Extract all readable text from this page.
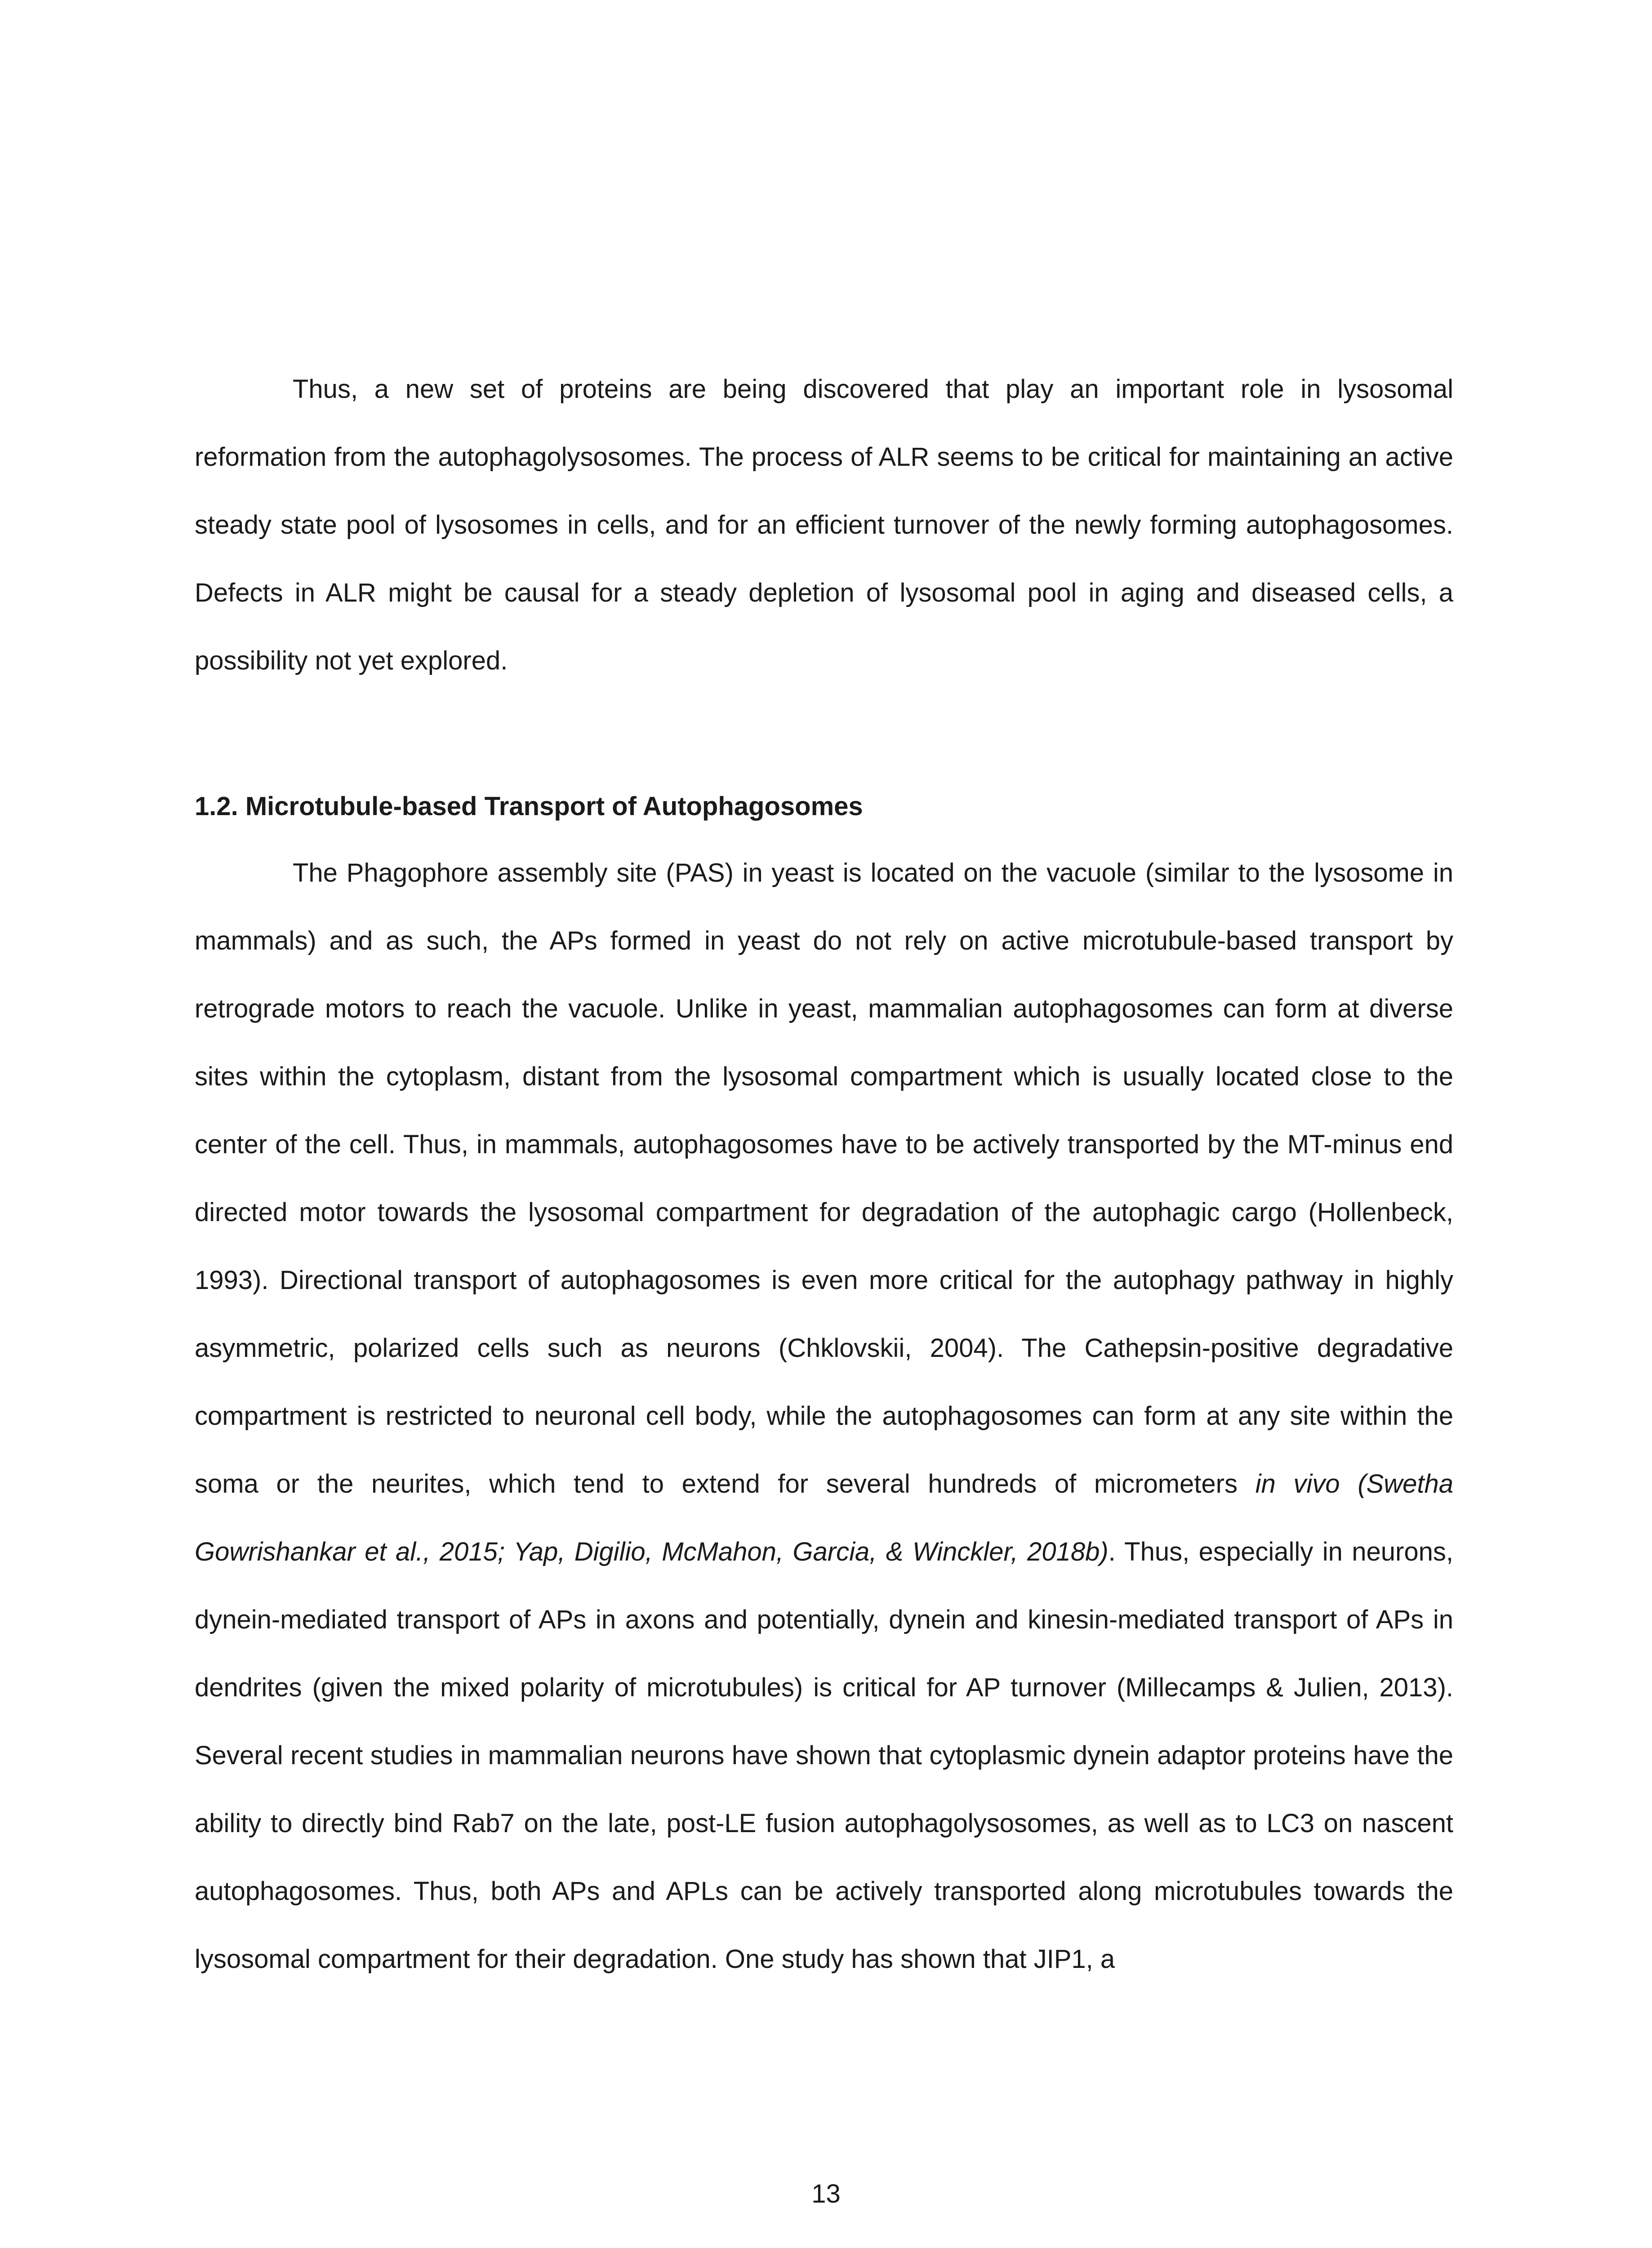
Thus, a new set of proteins are being discovered that play an important role in lysosomal reformation from the autophagolysosomes. The process of ALR seems to be critical for maintaining an active steady state pool of lysosomes in cells, and for an efficient turnover of the newly forming autophagosomes. Defects in ALR might be causal for a steady depletion of lysosomal pool in aging and diseased cells, a possibility not yet explored.

1.2. Microtubule-based Transport of Autophagosomes

The Phagophore assembly site (PAS) in yeast is located on the vacuole (similar to the lysosome in mammals) and as such, the APs formed in yeast do not rely on active microtubule-based transport by retrograde motors to reach the vacuole. Unlike in yeast, mammalian autophagosomes can form at diverse sites within the cytoplasm, distant from the lysosomal compartment which is usually located close to the center of the cell. Thus, in mammals, autophagosomes have to be actively transported by the MT-minus end directed motor towards the lysosomal compartment for degradation of the autophagic cargo (Hollenbeck, 1993). Directional transport of autophagosomes is even more critical for the autophagy pathway in highly asymmetric, polarized cells such as neurons (Chklovskii, 2004). The Cathepsin-positive degradative compartment is restricted to neuronal cell body, while the autophagosomes can form at any site within the soma or the neurites, which tend to extend for several hundreds of micrometers in vivo (Swetha Gowrishankar et al., 2015; Yap, Digilio, McMahon, Garcia, & Winckler, 2018b). Thus, especially in neurons, dynein-mediated transport of APs in axons and potentially, dynein and kinesin-mediated transport of APs in dendrites (given the mixed polarity of microtubules) is critical for AP turnover (Millecamps & Julien, 2013). Several recent studies in mammalian neurons have shown that cytoplasmic dynein adaptor proteins have the ability to directly bind Rab7 on the late, post-LE fusion autophagolysosomes, as well as to LC3 on nascent autophagosomes. Thus, both APs and APLs can be actively transported along microtubules towards the lysosomal compartment for their degradation. One study has shown that JIP1, a

13
